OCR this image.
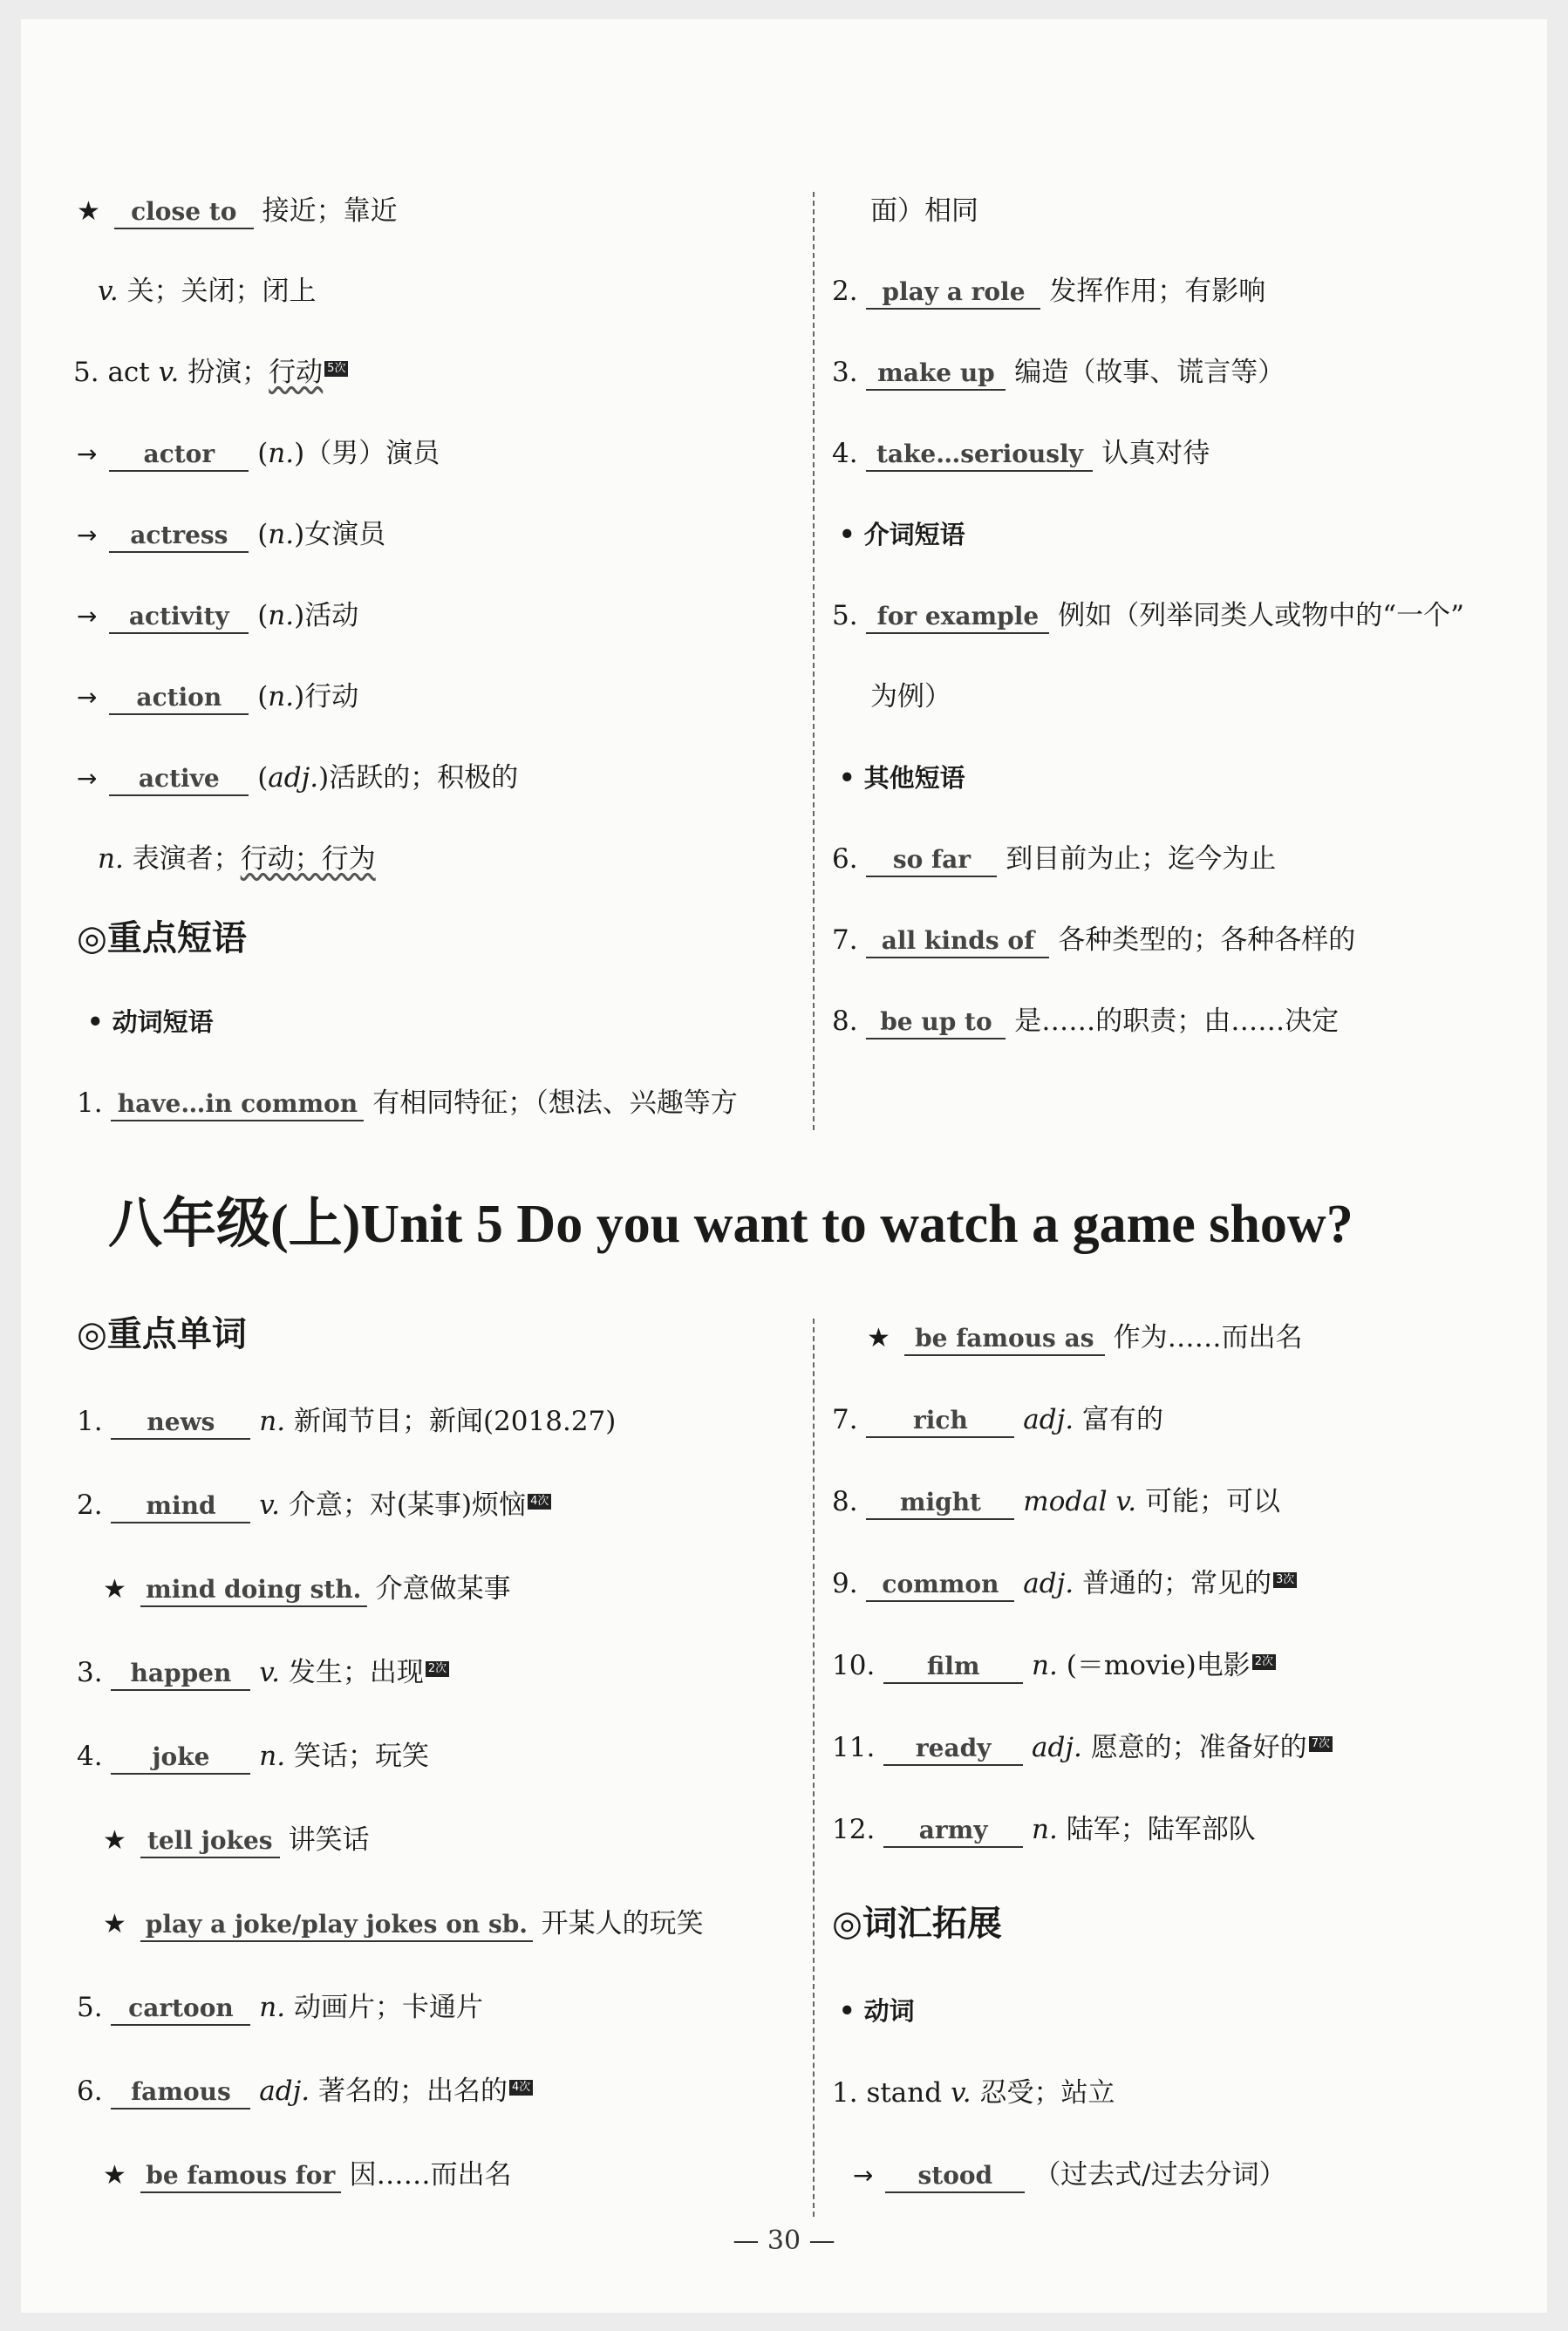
★ close to 接近；靠近
v. 关；关闭；闭上
5. act v. 扮演；行动 5次
→ actor (n.)（男）演员
→ actress (n.)女演员
→ activity (n.)活动
→ action (n.)行动
→ active (adj.)活跃的；积极的
n. 表演者；行动；行为
◎重点短语
• 动词短语
1. have…in common 有相同特征；（想法、兴趣等方
面）相同
2. play a role 发挥作用；有影响
3. make up 编造（故事、谎言等）
4. take…seriously 认真对待
• 介词短语
5. for example 例如（列举同类人或物中的“一个”
为例）
• 其他短语
6. so far 到目前为止；迄今为止
7. all kinds of 各种类型的；各种各样的
8. be up to 是……的职责；由……决定
八年级(上)Unit 5 Do you want to watch a game show?
◎重点单词
1. news n. 新闻节目；新闻(2018.27)
2. mind v. 介意；对(某事)烦恼 4次
★ mind doing sth. 介意做某事
3. happen v. 发生；出现 2次
4. joke n. 笑话；玩笑
★ tell jokes 讲笑话
★ play a joke/play jokes on sb. 开某人的玩笑
5. cartoon n. 动画片；卡通片
6. famous adj. 著名的；出名的 4次
★ be famous for 因……而出名
★ be famous as 作为……而出名
7. rich adj. 富有的
8. might modal v. 可能；可以
9. common adj. 普通的；常见的 3次
10. film n. (＝movie)电影 2次
11. ready adj. 愿意的；准备好的 7次
12. army n. 陆军；陆军部队
◎词汇拓展
• 动词
1. stand v. 忍受；站立
→ stood （过去式/过去分词）
— 30 —
